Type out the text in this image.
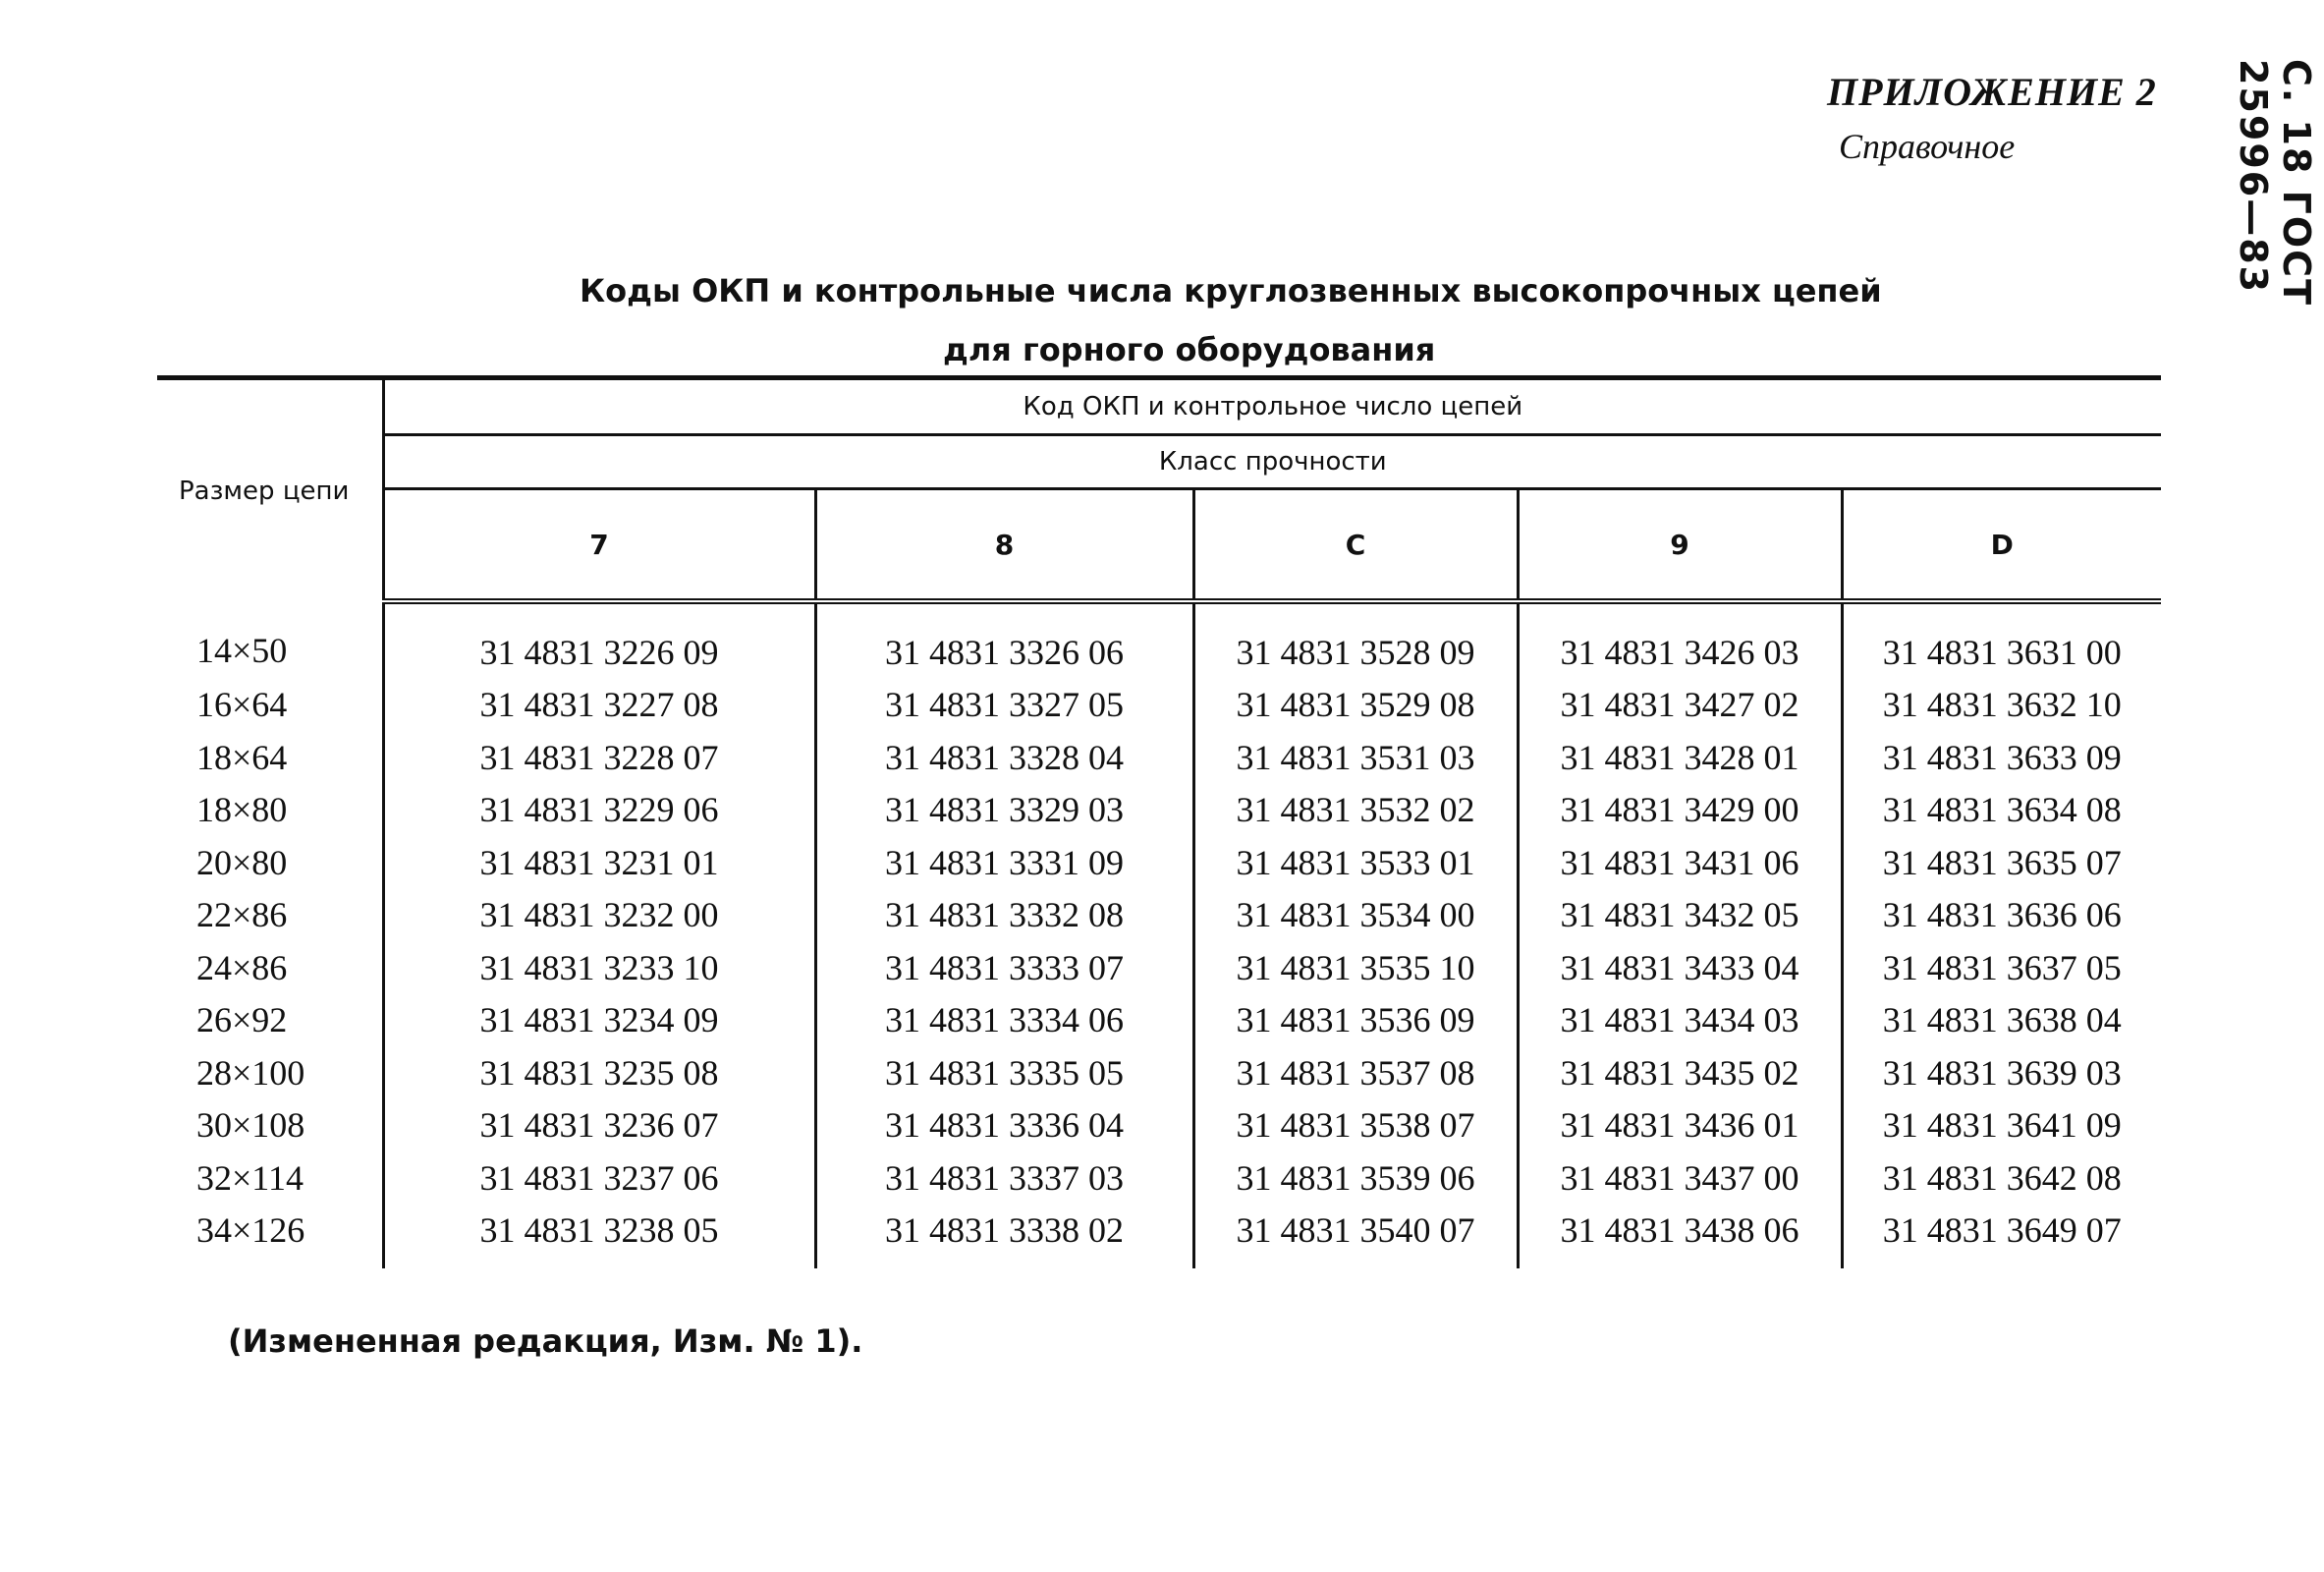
ПРИЛОЖЕНИЕ 2
Справочное	С. 18 ГОСТ 25996—83
Коды ОКП и контрольные числа круглозвенных высокопрочных цепей
для горного оборудования
Размер цепи	Код ОКП и контрольное число цепей				
	Класс прочности				
	7	8	C	9	D
14×50	31 4831 3226 09	31 4831 3326 06	31 4831 3528 09	31 4831 3426 03	31 4831 3631 00
16×64	31 4831 3227 08	31 4831 3327 05	31 4831 3529 08	31 4831 3427 02	31 4831 3632 10
18×64	31 4831 3228 07	31 4831 3328 04	31 4831 3531 03	31 4831 3428 01	31 4831 3633 09
18×80	31 4831 3229 06	31 4831 3329 03	31 4831 3532 02	31 4831 3429 00	31 4831 3634 08
20×80	31 4831 3231 01	31 4831 3331 09	31 4831 3533 01	31 4831 3431 06	31 4831 3635 07
22×86	31 4831 3232 00	31 4831 3332 08	31 4831 3534 00	31 4831 3432 05	31 4831 3636 06
24×86	31 4831 3233 10	31 4831 3333 07	31 4831 3535 10	31 4831 3433 04	31 4831 3637 05
26×92	31 4831 3234 09	31 4831 3334 06	31 4831 3536 09	31 4831 3434 03	31 4831 3638 04
28×100	31 4831 3235 08	31 4831 3335 05	31 4831 3537 08	31 4831 3435 02	31 4831 3639 03
30×108	31 4831 3236 07	31 4831 3336 04	31 4831 3538 07	31 4831 3436 01	31 4831 3641 09
32×114	31 4831 3237 06	31 4831 3337 03	31 4831 3539 06	31 4831 3437 00	31 4831 3642 08
34×126	31 4831 3238 05	31 4831 3338 02	31 4831 3540 07	31 4831 3438 06	31 4831 3649 07

(Измененная редакция, Изм. № 1).
